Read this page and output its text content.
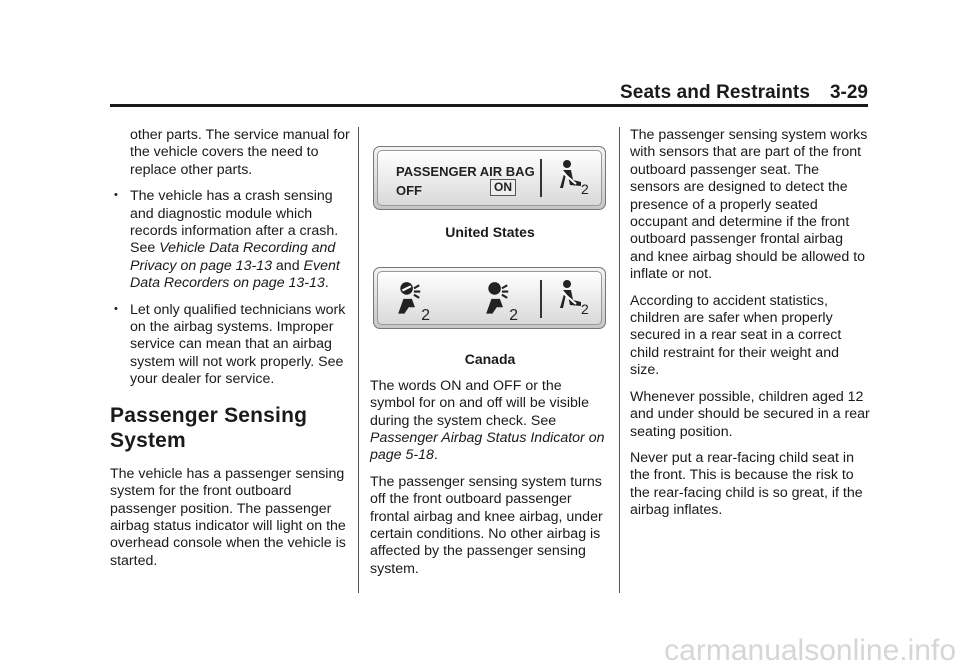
Seats and Restraints 3-29

other parts. The service manual for the vehicle covers the need to replace other parts.

• The vehicle has a crash sensing and diagnostic module which records information after a crash. See Vehicle Data Recording and Privacy on page 13-13 and Event Data Recorders on page 13-13.
• Let only qualified technicians work on the airbag systems. Improper service can mean that an airbag system will not work properly. See your dealer for service.
Passenger Sensing System

The vehicle has a passenger sensing system for the front outboard passenger position. The passenger airbag status indicator will light on the overhead console when the vehicle is started.

PASSENGER AIR BAG
OFF	ON	2

United States

2	2	2

Canada

The words ON and OFF or the symbol for on and off will be visible during the system check. See Passenger Airbag Status Indicator on page 5-18.

The passenger sensing system turns off the front outboard passenger frontal airbag and knee airbag, under certain conditions. No other airbag is affected by the passenger sensing system.

The passenger sensing system works with sensors that are part of the front outboard passenger seat. The sensors are designed to detect the presence of a properly seated occupant and determine if the front outboard passenger frontal airbag and knee airbag should be allowed to inflate or not.

According to accident statistics, children are safer when properly secured in a rear seat in a correct child restraint for their weight and size.

Whenever possible, children aged 12 and under should be secured in a rear seating position.

Never put a rear-facing child seat in the front. This is because the risk to the rear-facing child is so great, if the airbag inflates.

carmanualsonline.info
